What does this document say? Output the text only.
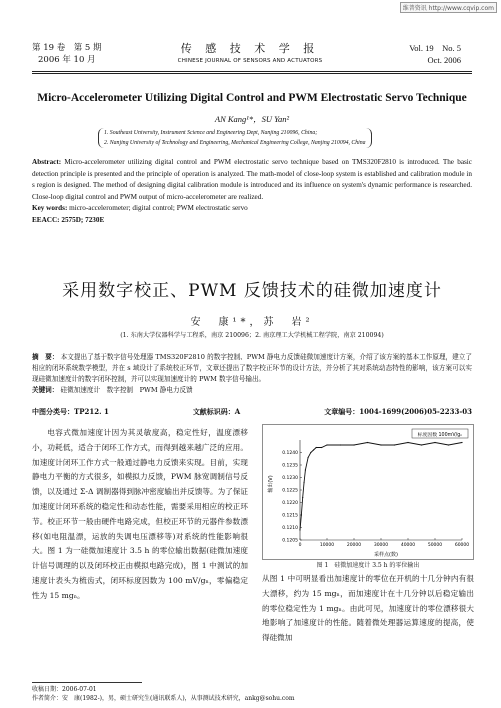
维普资讯 http://www.cqvip.com
第 19 卷　第 5 期
2006 年 10 月
传 感 技 术 学 报
CHINESE JOURNAL OF SENSORS AND ACTUATORS
Vol. 19　No. 5
Oct. 2006
Micro-Accelerometer Utilizing Digital Control and PWM Electrostatic Servo Technique
AN Kang¹*，SU Yan²
1. Southeast University, Instrument Science and Engineering Dept, Nanjing 210096, China;
2. Nanjing University of Technology and Engineering, Mechanical Engineering College, Nanjing 210094, China
Abstract: Micro-accelerometer utilizing digital control and PWM electrostatic servo technique based on TMS320F2810 is introduced. The basic detection principle is presented and the principle of operation is analyzed. The math-model of close-loop system is established and calibration module in s region is designed. The method of designing digital calibration module is introduced and its influence on system's dynamic performance is researched. Close-loop digital control and PWM output of micro-accelerometer are realized.
Key words: micro-accelerometer; digital control; PWM electrostatic servo
EEACC: 2575D; 7230E
采用数字校正、PWM 反馈技术的硅微加速度计
安　康¹*，苏　岩²
(1. 东南大学仪器科学与工程系，南京 210096；2. 南京理工大学机械工程学院，南京 210094)
摘　要： 本文提出了基于数字信号处理器 TMS320F2810 的数字控制、PWM 静电力反馈硅微加速度计方案，介绍了该方案的基本工作原理，建立了相应的闭环系统数学模型，并在 s 域设计了系统校正环节，文章还提出了数字校正环节的设计方法，并分析了其对系统动态特性的影响，该方案可以实现硅微加速度计的数字闭环控制，并可以实现加速度计的 PWM 数字信号输出。
关键词： 硅微加速度计　数字控制　PWM 静电力反馈
中图分类号：TP212. 1	文献标识码：A	文章编号：1004-1699(2006)05-2233-03
电容式微加速度计因为其灵敏度高，稳定性好，温度漂移小，功耗低，适合于闭环工作方式，而得到越来越广泛的应用。加速度计闭环工作方式一般通过静电力反馈来实现。目前，实现静电力平衡的方式很多，如模拟力反馈，PWM 脉宽调制信号反馈，以及通过 Σ-Δ 调制器得到脉冲密度输出并反馈等。为了保证加速度计闭环系统的稳定性和动态性能，需要采用相应的校正环节。校正环节一般由硬件电路完成，但校正环节的元器件参数漂移(如电阻温漂，运放的失调电压漂移等)对系统的性能影响很大。图 1 为一硅微加速度计 3.5 h 的零位输出数据(硅微加速度计信号调理的以及闭环校正由模拟电路完成)，图 1 中测试的加速度计表头为梳齿式，闭环标度因数为 100 mV/gₙ，零偏稳定性为 15 mgₙ。
0.1240
0.1235
0.1230
0.1225
0.1220
0.1215
0.1210
0.1205
0	10000	20000	30000	40000	50000	60000
标度因数 100mV/gₙ
输出(V)
采样点(数)
图 1　硅微加速度计 3.5 h 的零位输出
从图 1 中可明显看出加速度计的零位在开机的十几分钟内有很大漂移，约为 15 mgₙ，而加速度计在十几分钟以后稳定输出的零位稳定性为 1 mgₙ。由此可见，加速度计的零位漂移很大地影响了加速度计的性能。随着微处理器运算速度的提高，使得硅微加
收稿日期：2006-07-01
作者简介：安　康(1982-)，男，硕士研究生(通讯联系人)，从事测试技术研究，ankg@sohu.com
